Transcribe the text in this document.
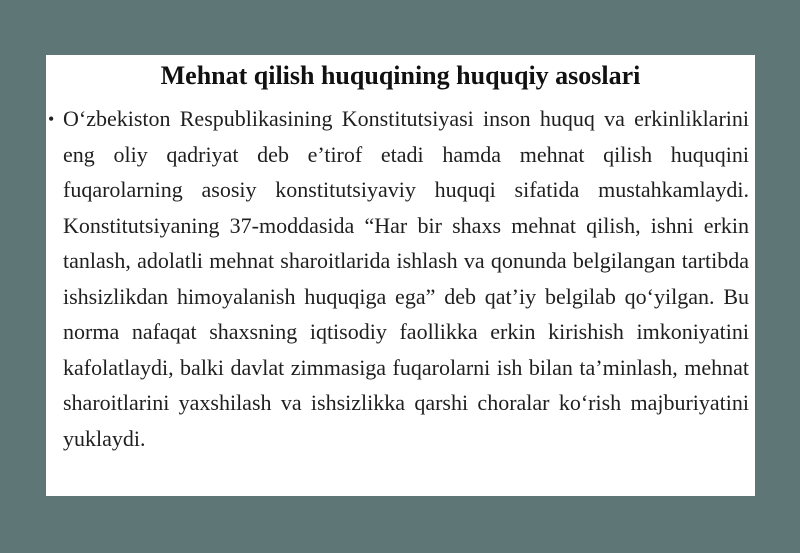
Mehnat qilish huquqining huquqiy asoslari
• O‘zbekiston Respublikasining Konstitutsiyasi inson huquq va erkinliklarini eng oliy qadriyat deb e’tirof etadi hamda mehnat qilish huquqini fuqarolarning asosiy konstitutsiyaviy huquqi sifatida mustahkamlaydi. Konstitutsiyaning 37-moddasida “Har bir shaxs mehnat qilish, ishni erkin tanlash, adolatli mehnat sharoitlarida ishlash va qonunda belgilangan tartibda ishsizlikdan himoyalanish huquqiga ega” deb qat’iy belgilab qo‘yilgan. Bu norma nafaqat shaxsning iqtisodiy faollikka erkin kirishish imkoniyatini kafolatlaydi, balki davlat zimmasiga fuqarolarni ish bilan ta’minlash, mehnat sharoitlarini yaxshilash va ishsizlikka qarshi choralar ko‘rish majburiyatini yuklaydi.
